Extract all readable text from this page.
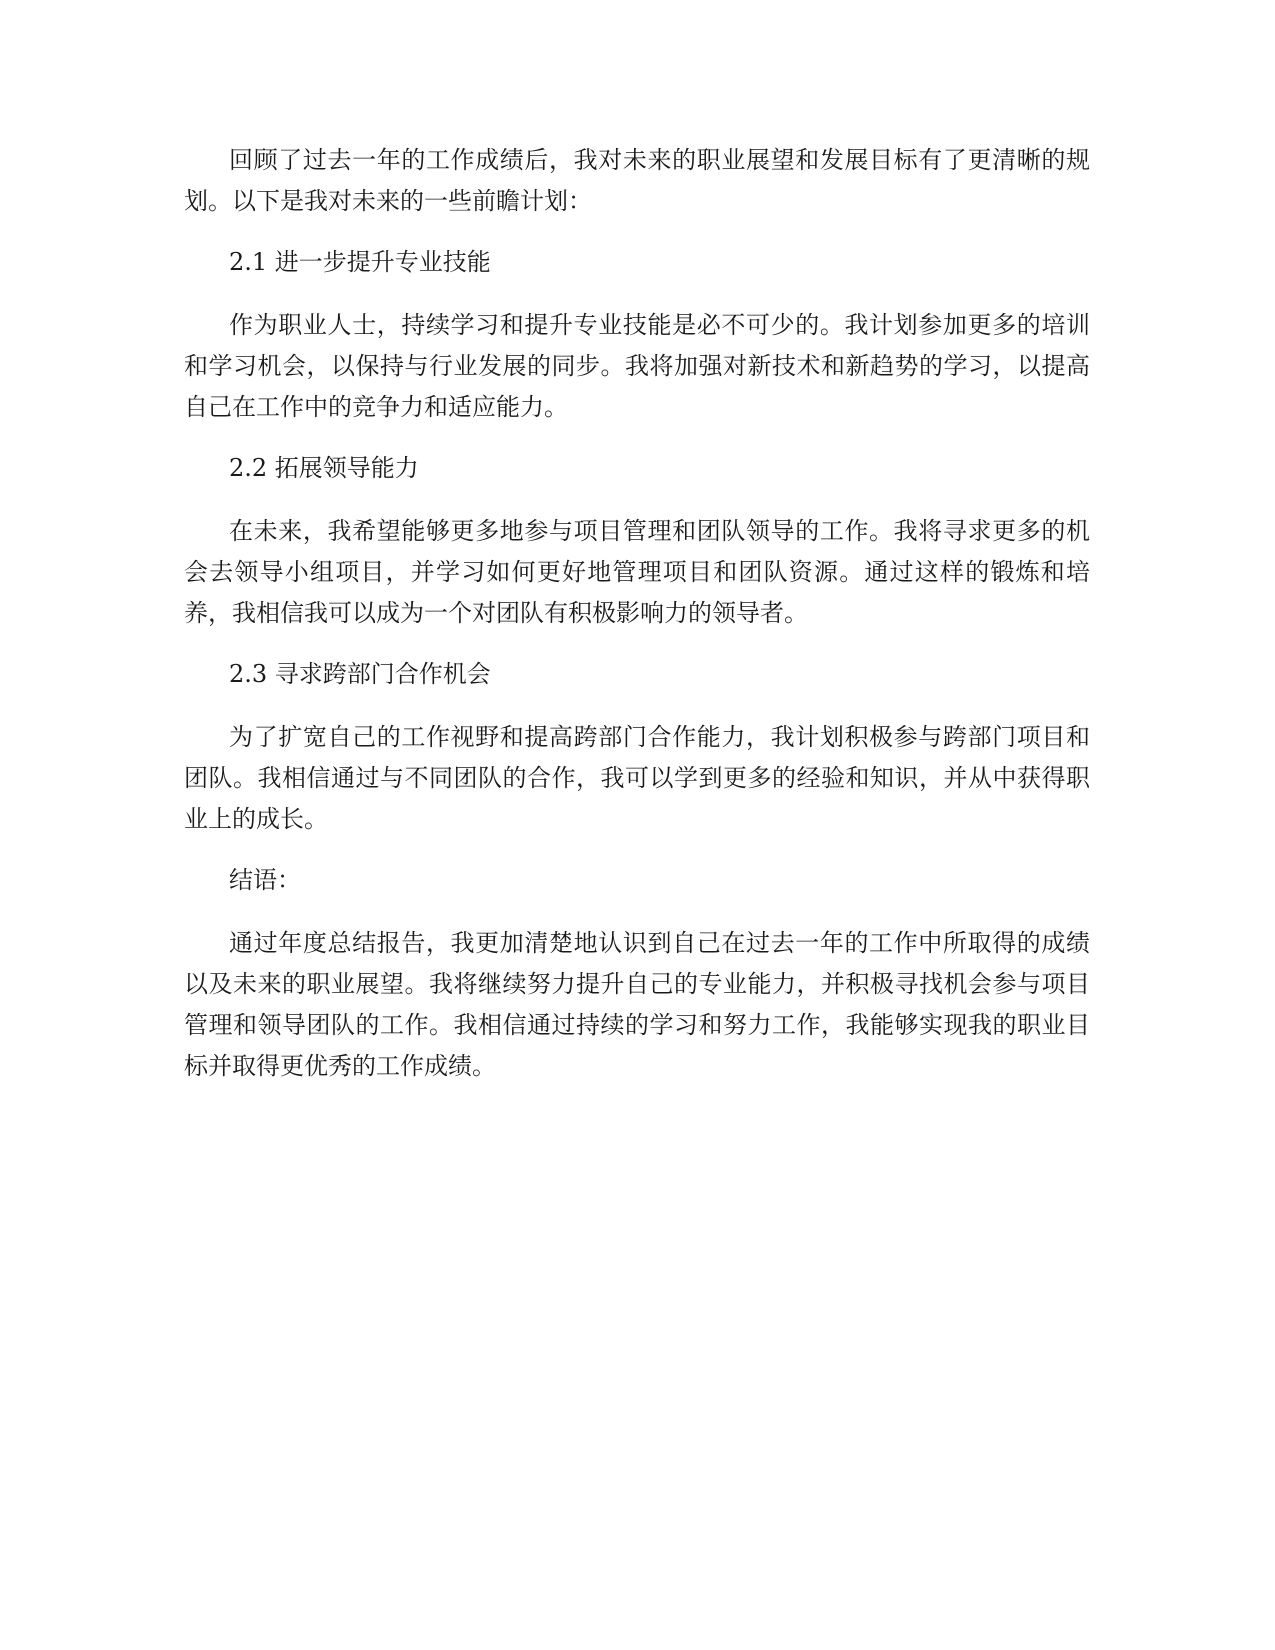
回顾了过去一年的工作成绩后，我对未来的职业展望和发展目标有了更清晰的规划。以下是我对未来的一些前瞻计划：

2.1 进一步提升专业技能

作为职业人士，持续学习和提升专业技能是必不可少的。我计划参加更多的培训和学习机会，以保持与行业发展的同步。我将加强对新技术和新趋势的学习，以提高自己在工作中的竞争力和适应能力。

2.2 拓展领导能力

在未来，我希望能够更多地参与项目管理和团队领导的工作。我将寻求更多的机会去领导小组项目，并学习如何更好地管理项目和团队资源。通过这样的锻炼和培养，我相信我可以成为一个对团队有积极影响力的领导者。

2.3 寻求跨部门合作机会

为了扩宽自己的工作视野和提高跨部门合作能力，我计划积极参与跨部门项目和团队。我相信通过与不同团队的合作，我可以学到更多的经验和知识，并从中获得职业上的成长。

结语：

通过年度总结报告，我更加清楚地认识到自己在过去一年的工作中所取得的成绩以及未来的职业展望。我将继续努力提升自己的专业能力，并积极寻找机会参与项目管理和领导团队的工作。我相信通过持续的学习和努力工作，我能够实现我的职业目标并取得更优秀的工作成绩。
